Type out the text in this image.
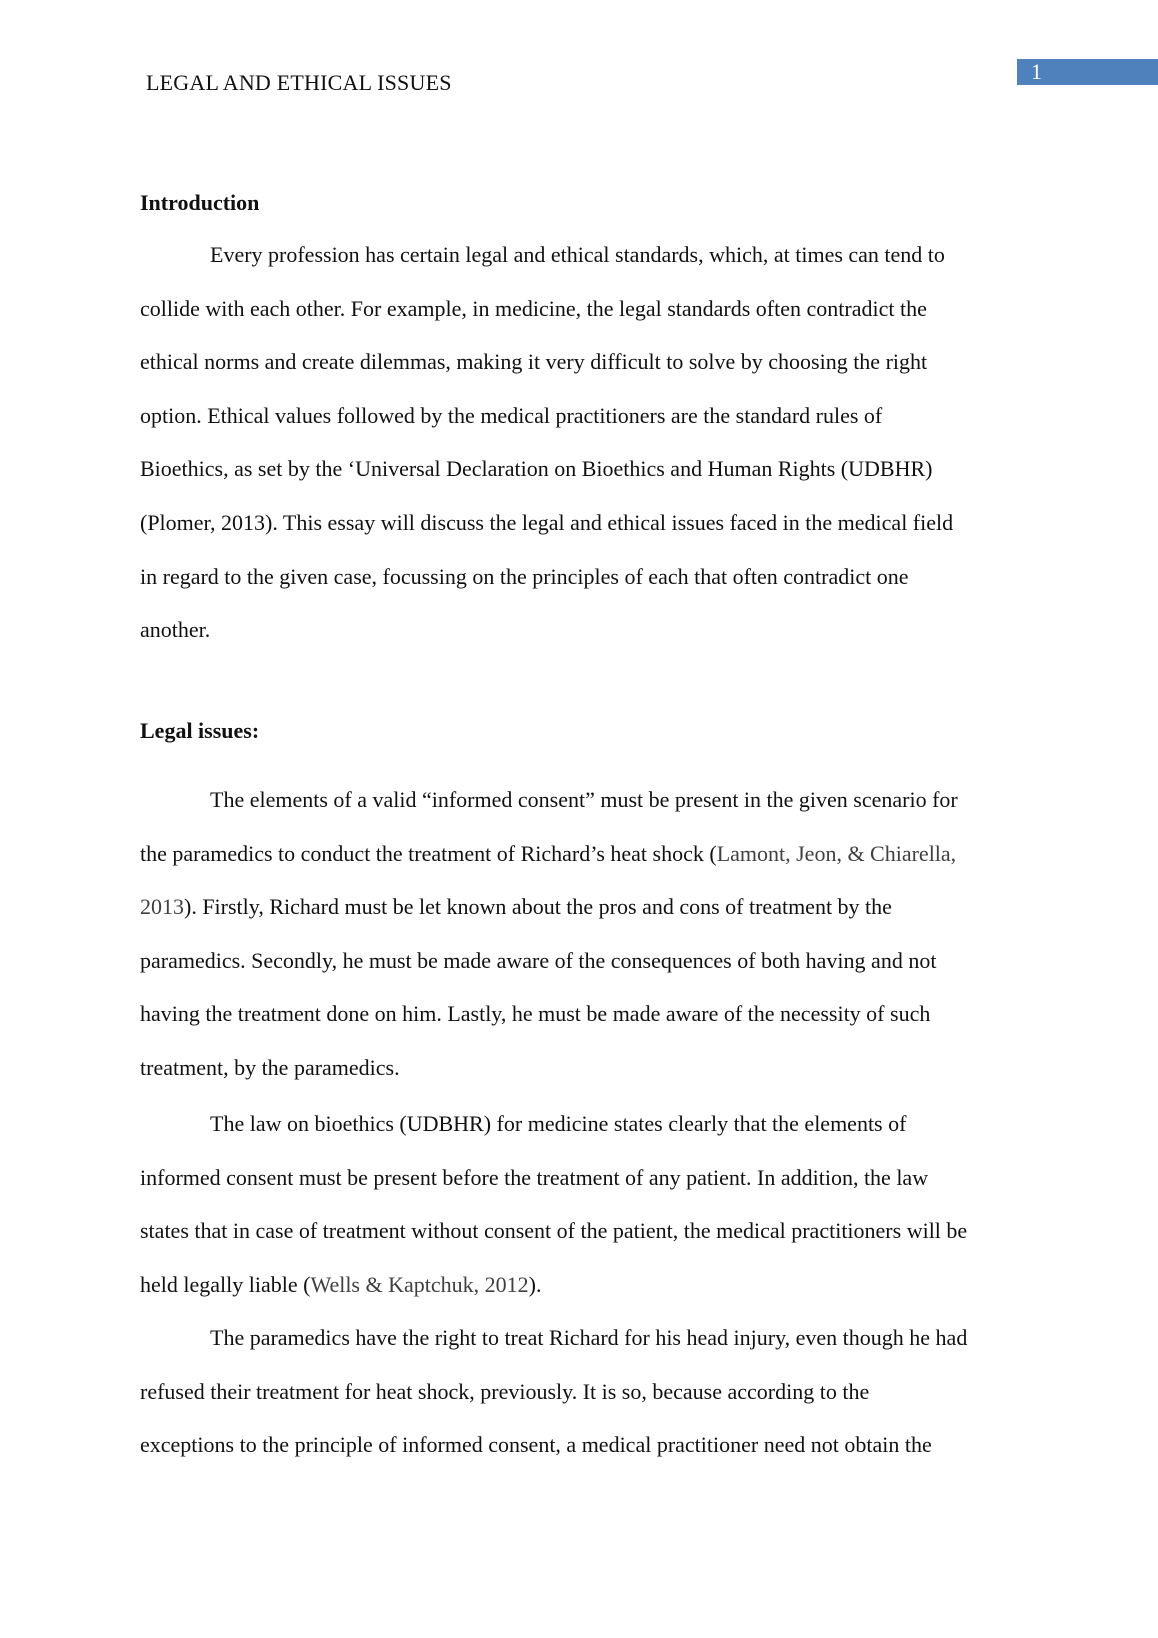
LEGAL AND ETHICAL ISSUES	1
Introduction

Every profession has certain legal and ethical standards, which, at times can tend to

collide with each other. For example, in medicine, the legal standards often contradict the
ethical norms and create dilemmas, making it very difficult to solve by choosing the right
option. Ethical values followed by the medical practitioners are the standard rules of
Bioethics, as set by the ‘Universal Declaration on Bioethics and Human Rights (UDBHR)
(Plomer, 2013). This essay will discuss the legal and ethical issues faced in the medical field
in regard to the given case, focussing on the principles of each that often contradict one
another.

Legal issues:

The elements of a valid “informed consent” must be present in the given scenario for

the paramedics to conduct the treatment of Richard’s heat shock (Lamont, Jeon, & Chiarella,
2013). Firstly, Richard must be let known about the pros and cons of treatment by the
paramedics. Secondly, he must be made aware of the consequences of both having and not
having the treatment done on him. Lastly, he must be made aware of the necessity of such
treatment, by the paramedics.

The law on bioethics (UDBHR) for medicine states clearly that the elements of

informed consent must be present before the treatment of any patient. In addition, the law
states that in case of treatment without consent of the patient, the medical practitioners will be
held legally liable (Wells & Kaptchuk, 2012).

The paramedics have the right to treat Richard for his head injury, even though he had

refused their treatment for heat shock, previously. It is so, because according to the
exceptions to the principle of informed consent, a medical practitioner need not obtain the
